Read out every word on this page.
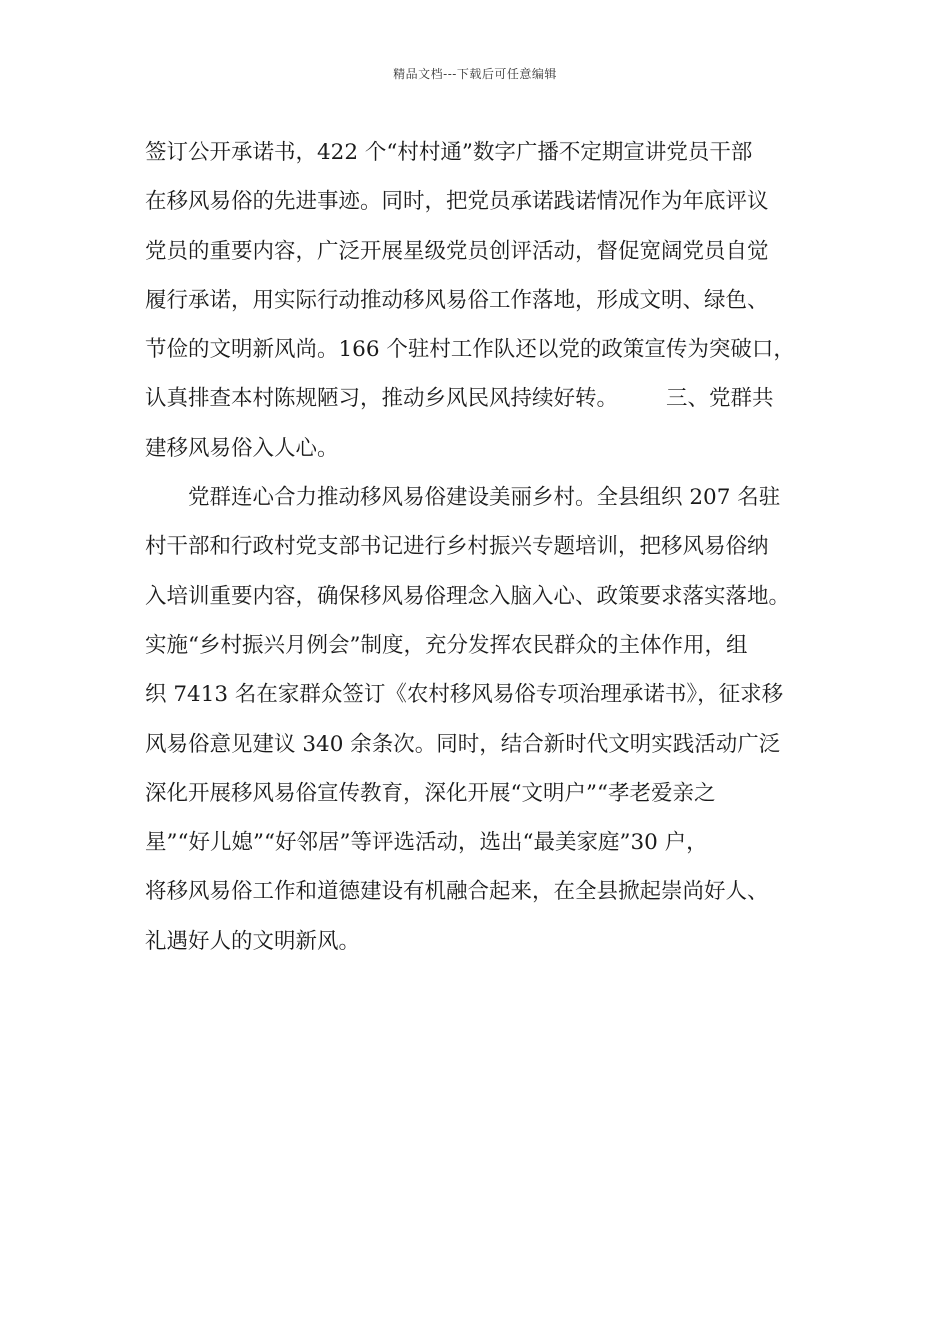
精品文档---下载后可任意编辑
签订公开承诺书，422 个“村村通”数字广播不定期宣讲党员干部
在移风易俗的先进事迹。同时，把党员承诺践诺情况作为年底评议
党员的重要内容，广泛开展星级党员创评活动，督促宽阔党员自觉
履行承诺，用实际行动推动移风易俗工作落地，形成文明、绿色、
节俭的文明新风尚。166 个驻村工作队还以党的政策宣传为突破口，
认真排查本村陈规陋习，推动乡风民风持续好转。 三、党群共
建移风易俗入人心。
党群连心合力推动移风易俗建设美丽乡村。全县组织 207 名驻
村干部和行政村党支部书记进行乡村振兴专题培训，把移风易俗纳
入培训重要内容，确保移风易俗理念入脑入心、政策要求落实落地。
实施“乡村振兴月例会”制度，充分发挥农民群众的主体作用，组
织 7413 名在家群众签订《农村移风易俗专项治理承诺书》，征求移
风易俗意见建议 340 余条次。同时，结合新时代文明实践活动广泛
深化开展移风易俗宣传教育，深化开展“文明户”“孝老爱亲之
星”“好儿媳”“好邻居”等评选活动，选出“最美家庭”30 户，
将移风易俗工作和道德建设有机融合起来，在全县掀起崇尚好人、
礼遇好人的文明新风。
